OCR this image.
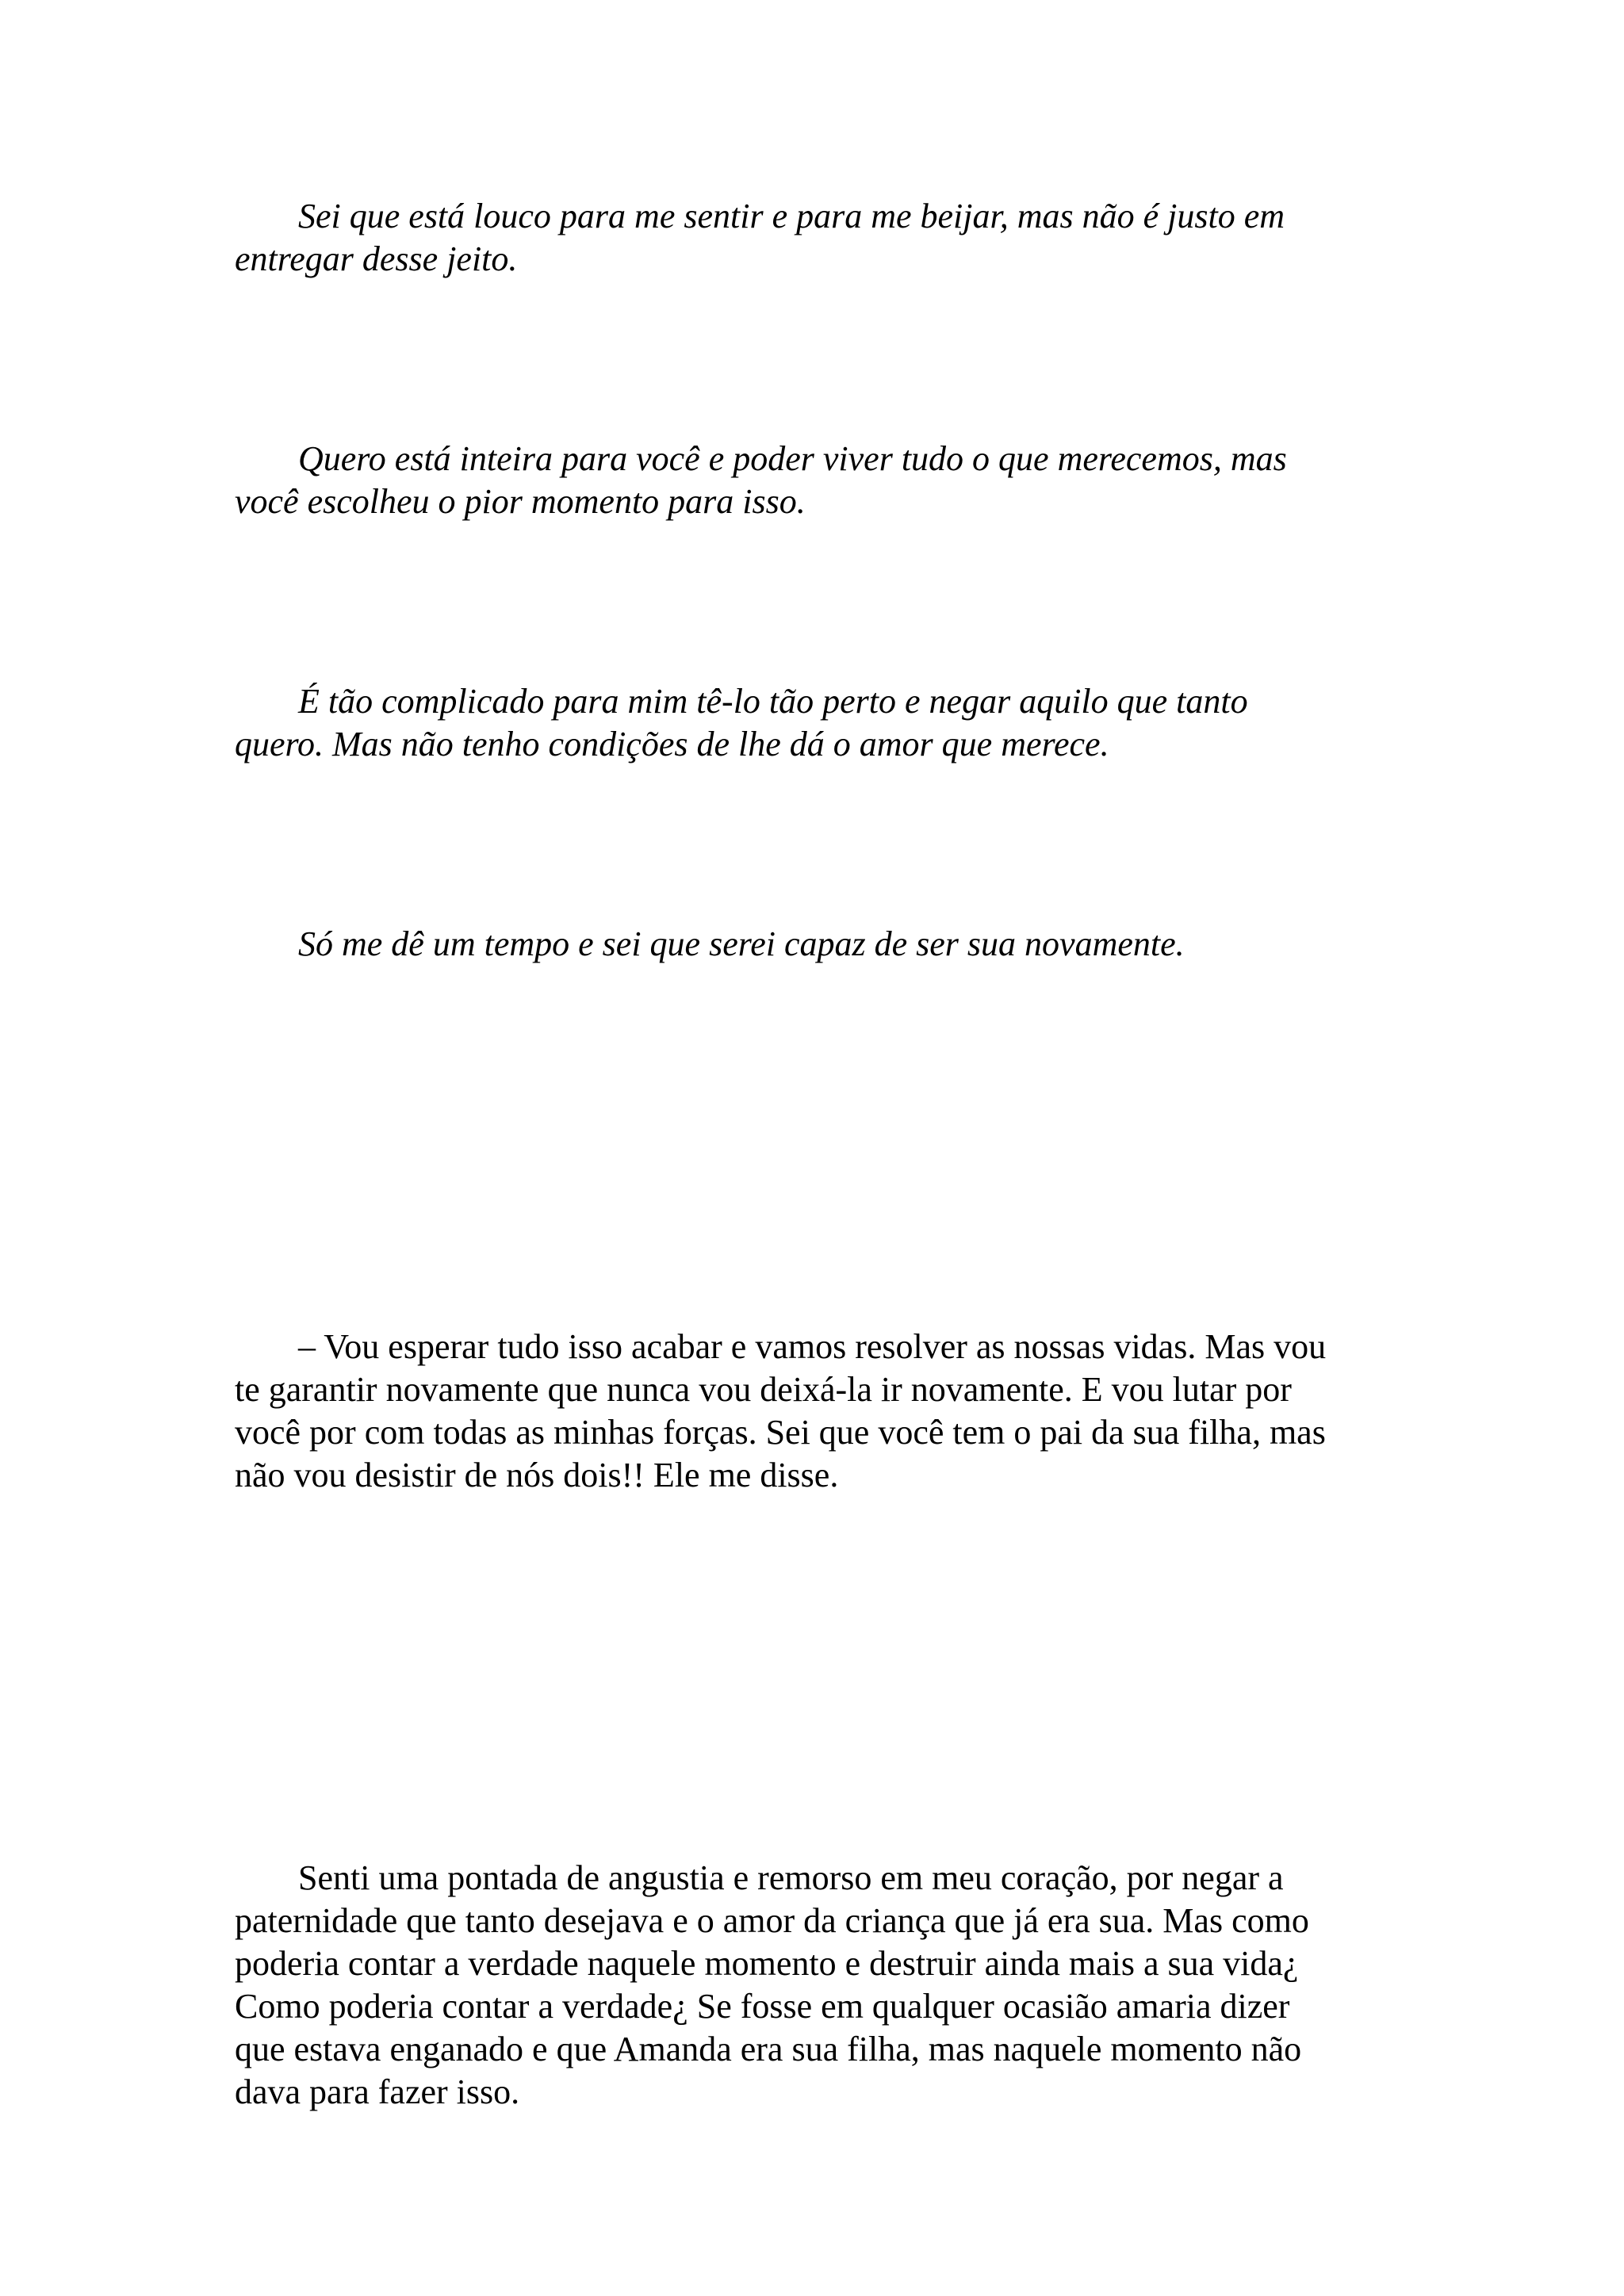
Sei que está louco para me sentir e para me beijar, mas não é justo em
entregar desse jeito.

Quero está inteira para você e poder viver tudo o que merecemos, mas
você escolheu o pior momento para isso.

É tão complicado para mim tê-lo tão perto e negar aquilo que tanto
quero. Mas não tenho condições de lhe dá o amor que merece.

Só me dê um tempo e sei que serei capaz de ser sua novamente.

– Vou esperar tudo isso acabar e vamos resolver as nossas vidas. Mas vou
te garantir novamente que nunca vou deixá-la ir novamente. E vou lutar por
você por com todas as minhas forças. Sei que você tem o pai da sua filha, mas
não vou desistir de nós dois!! Ele me disse.

Senti uma pontada de angustia e remorso em meu coração, por negar a
paternidade que tanto desejava e o amor da criança que já era sua. Mas como
poderia contar a verdade naquele momento e destruir ainda mais a sua vida¿
Como poderia contar a verdade¿ Se fosse em qualquer ocasião amaria dizer
que estava enganado e que Amanda era sua filha, mas naquele momento não
dava para fazer isso.
